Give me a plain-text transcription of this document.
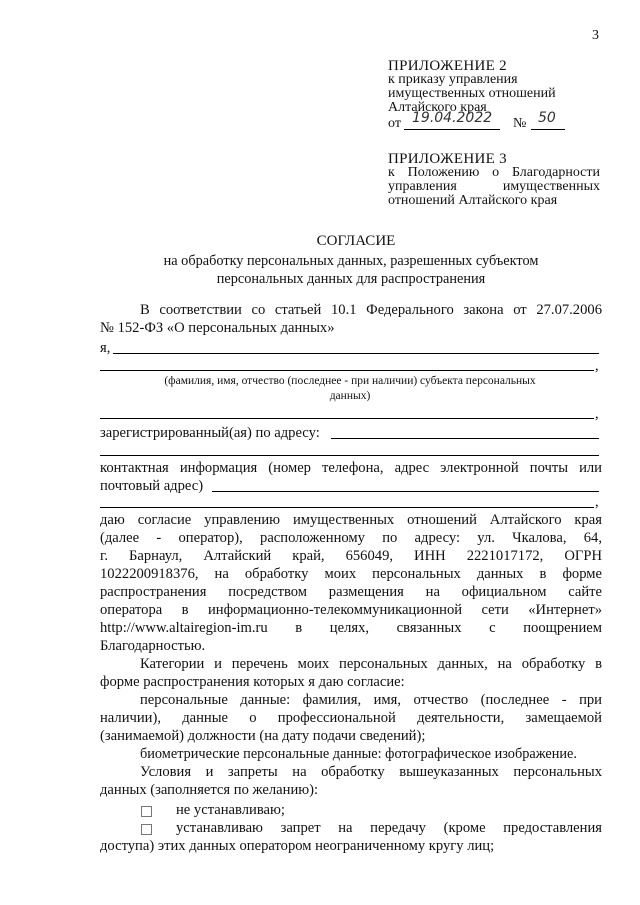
3
ПРИЛОЖЕНИЕ 2
к приказу управления
имущественных отношений
Алтайского края
от 19.04.2022 № 50
ПРИЛОЖЕНИЕ 3
к Положению о Благодарности
управления имущественных
отношений Алтайского края
СОГЛАСИЕ
на обработку персональных данных, разрешенных субъектом
персональных данных для распространения
В соответствии со статьей 10.1 Федерального закона от 27.07.2006
№ 152-ФЗ «О персональных данных»
я,
,
(фамилия, имя, отчество (последнее - при наличии) субъекта персональных
данных)
,
зарегистрированный(ая) по адресу:
контактная информация (номер телефона, адрес электронной почты или
почтовый адрес)
,
даю согласие управлению имущественных отношений Алтайского края
(далее - оператор), расположенному по адресу: ул. Чкалова, 64,
г. Барнаул, Алтайский край, 656049, ИНН 2221017172, ОГРН
1022200918376, на обработку моих персональных данных в форме
распространения посредством размещения на официальном сайте
оператора в информационно-телекоммуникационной сети «Интернет»
http://www.altairegion-im.ru в целях, связанных с поощрением
Благодарностью.
Категории и перечень моих персональных данных, на обработку в
форме распространения которых я даю согласие:
персональные данные: фамилия, имя, отчество (последнее - при
наличии), данные о профессиональной деятельности, замещаемой
(занимаемой) должности (на дату подачи сведений);
биометрические персональные данные: фотографическое изображение.
Условия и запреты на обработку вышеуказанных персональных
данных (заполняется по желанию):
не устанавливаю;
устанавливаю запрет на передачу (кроме предоставления
доступа) этих данных оператором неограниченному кругу лиц;
